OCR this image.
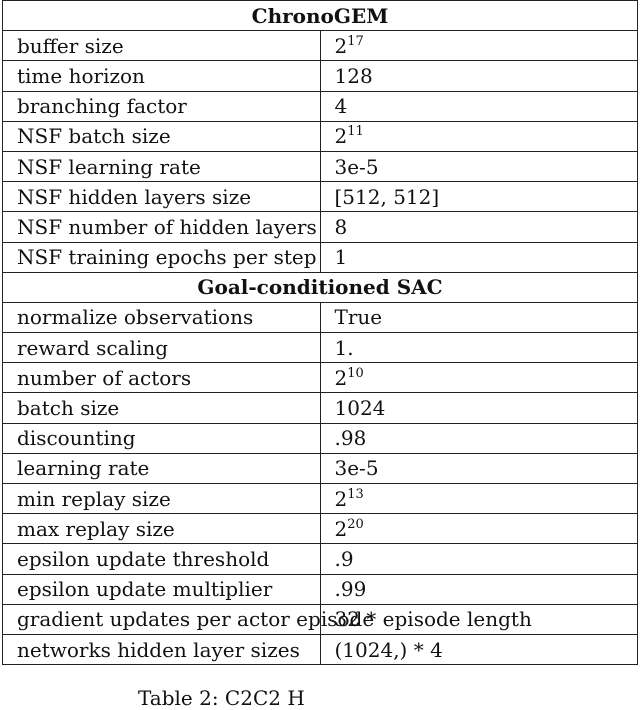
ChronoGEM	
buffer size	$2^{17}$
time horizon	128
branching factor	4
NSF batch size	$2^{11}$
NSF learning rate	3e-5
NSF hidden layers size	[512, 512]
NSF number of hidden layers	8
NSF training epochs per step	1
Goal-conditioned SAC	
normalize observations	True
reward scaling	1.
number of actors	$2^{10}$
batch size	1024
discounting	.98
learning rate	3e-5
min replay size	$2^{13}$
max replay size	$2^{20}$
epsilon update threshold	.9
epsilon update multiplier	.99
gradient updates per actor episode	32 * episode length
networks hidden layer sizes	(1024,) * 4
Table 2: C2C2 H
